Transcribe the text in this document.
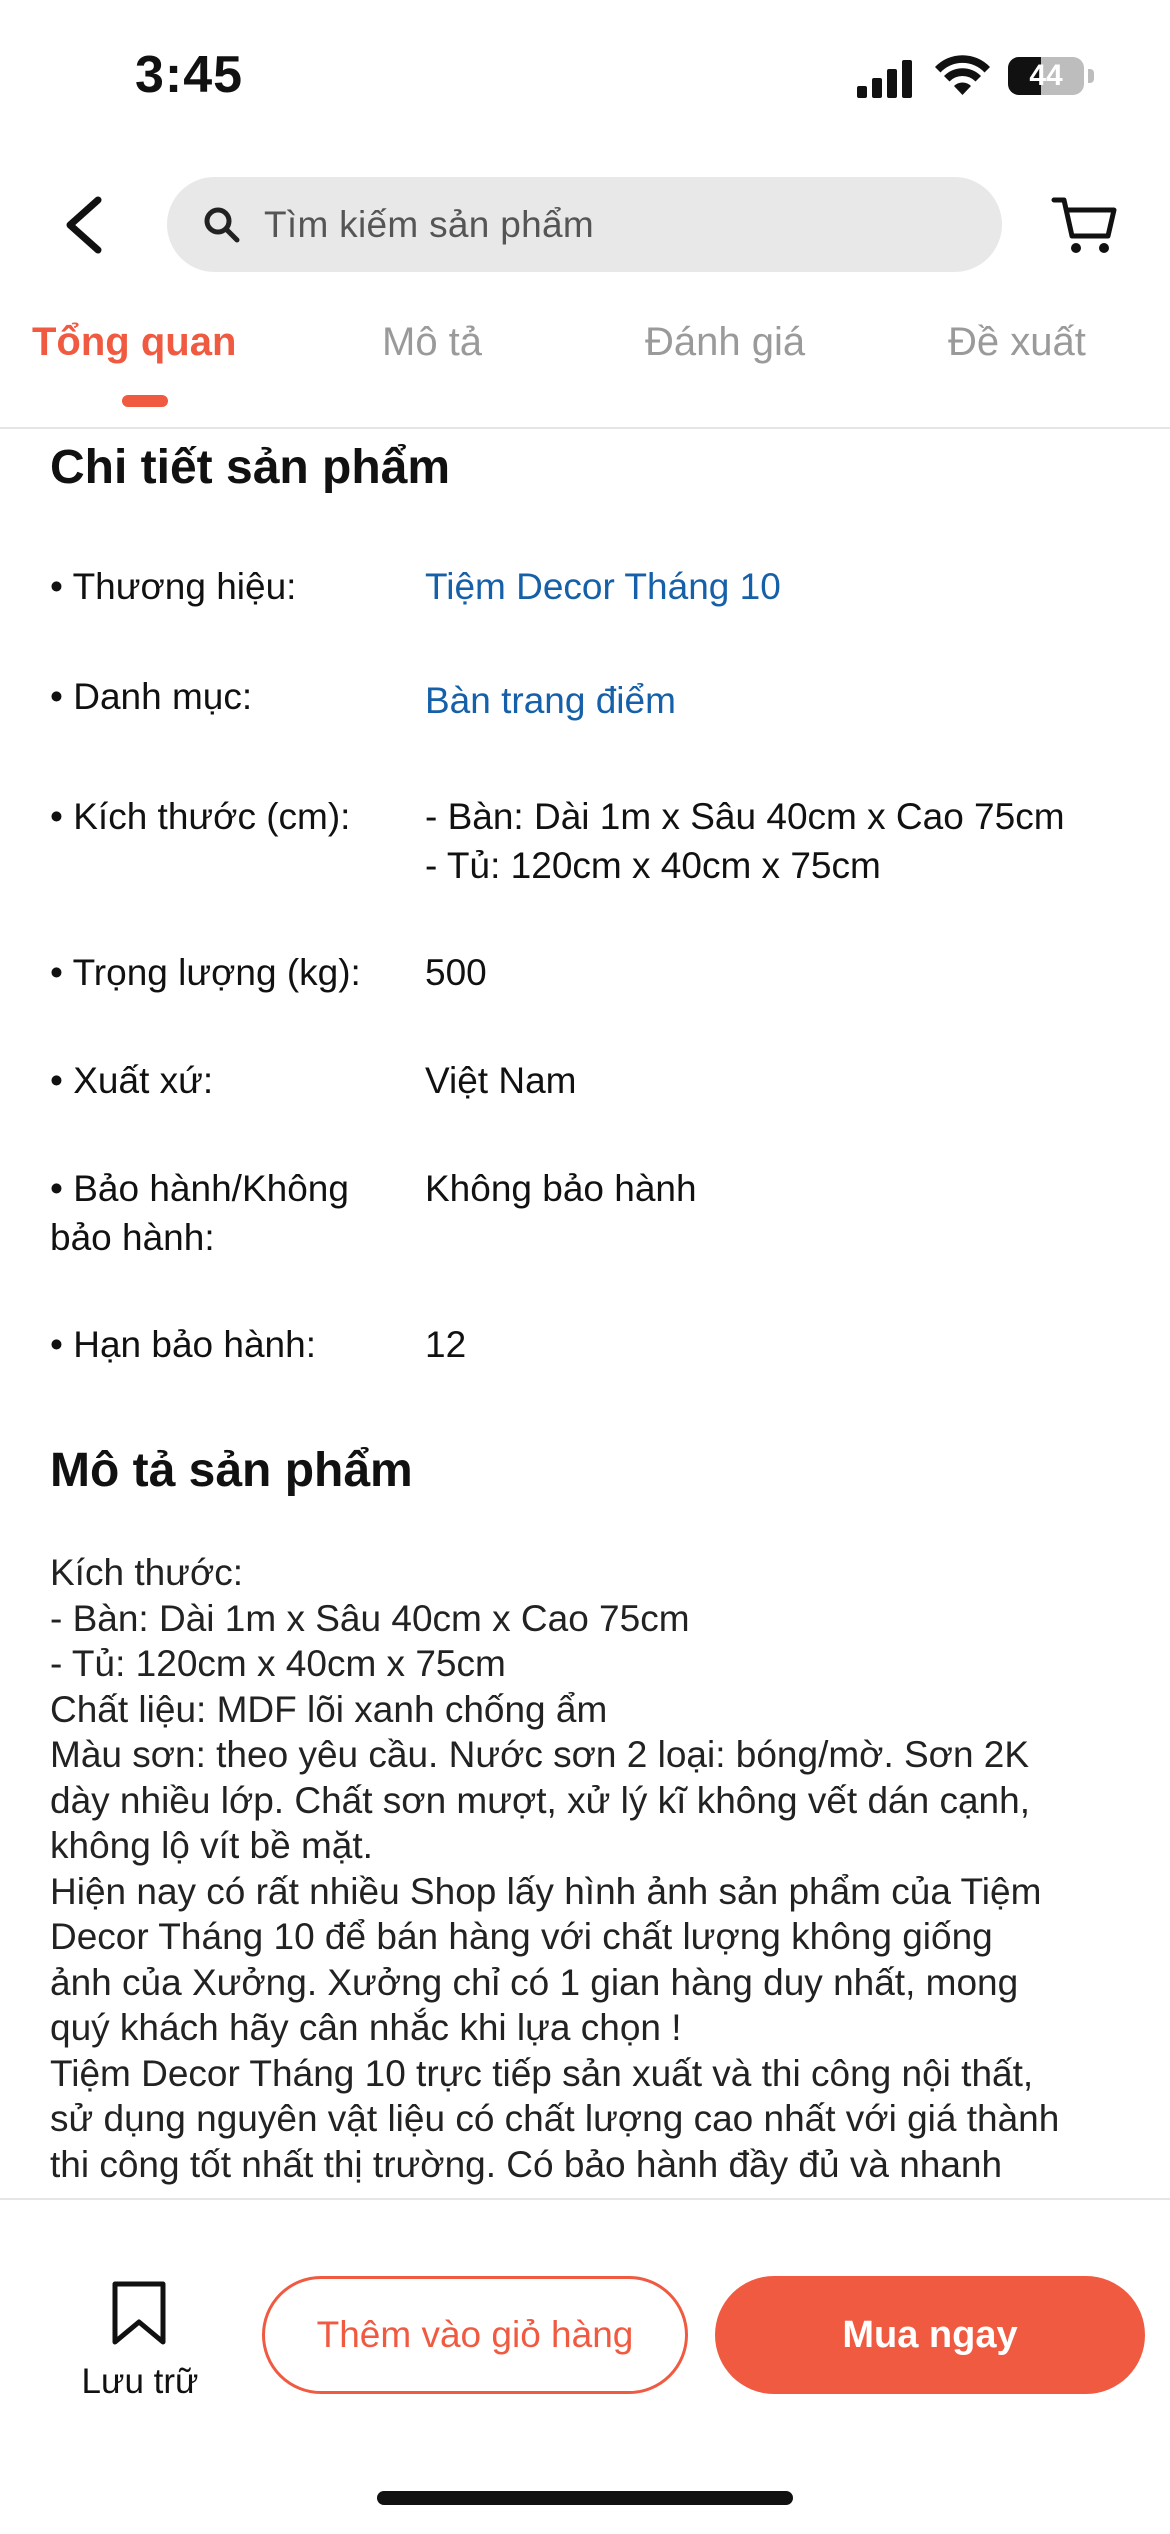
3:45	44
Tìm kiếm sản phẩm
Tổng quan	Mô tả	Đánh giá	Đề xuất
Chi tiết sản phẩm
• Thương hiệu:	Tiệm Decor Tháng 10
• Danh mục:	Bàn trang điểm
• Kích thước (cm):	- Bàn: Dài 1m x Sâu 40cm x Cao 75cm
- Tủ: 120cm x 40cm x 75cm
• Trọng lượng (kg):	500
• Xuất xứ:	Việt Nam
• Bảo hành/Không bảo hành:
Không bảo hành
• Hạn bảo hành:	12
Mô tả sản phẩm
Kích thước:
- Bàn: Dài 1m x Sâu 40cm x Cao 75cm
- Tủ: 120cm x 40cm x 75cm
Chất liệu: MDF lõi xanh chống ẩm
Màu sơn: theo yêu cầu. Nước sơn 2 loại: bóng/mờ. Sơn 2K
dày nhiều lớp. Chất sơn mượt, xử lý kĩ không vết dán cạnh,
không lộ vít bề mặt.
Hiện nay có rất nhiều Shop lấy hình ảnh sản phẩm của Tiệm
Decor Tháng 10 để bán hàng với chất lượng không giống
ảnh của Xưởng. Xưởng chỉ có 1 gian hàng duy nhất, mong
quý khách hãy cân nhắc khi lựa chọn !
Tiệm Decor Tháng 10 trực tiếp sản xuất và thi công nội thất,
sử dụng nguyên vật liệu có chất lượng cao nhất với giá thành
thi công tốt nhất thị trường. Có bảo hành đầy đủ và nhanh
Lưu trữ
Thêm vào giỏ hàng	Mua ngay
